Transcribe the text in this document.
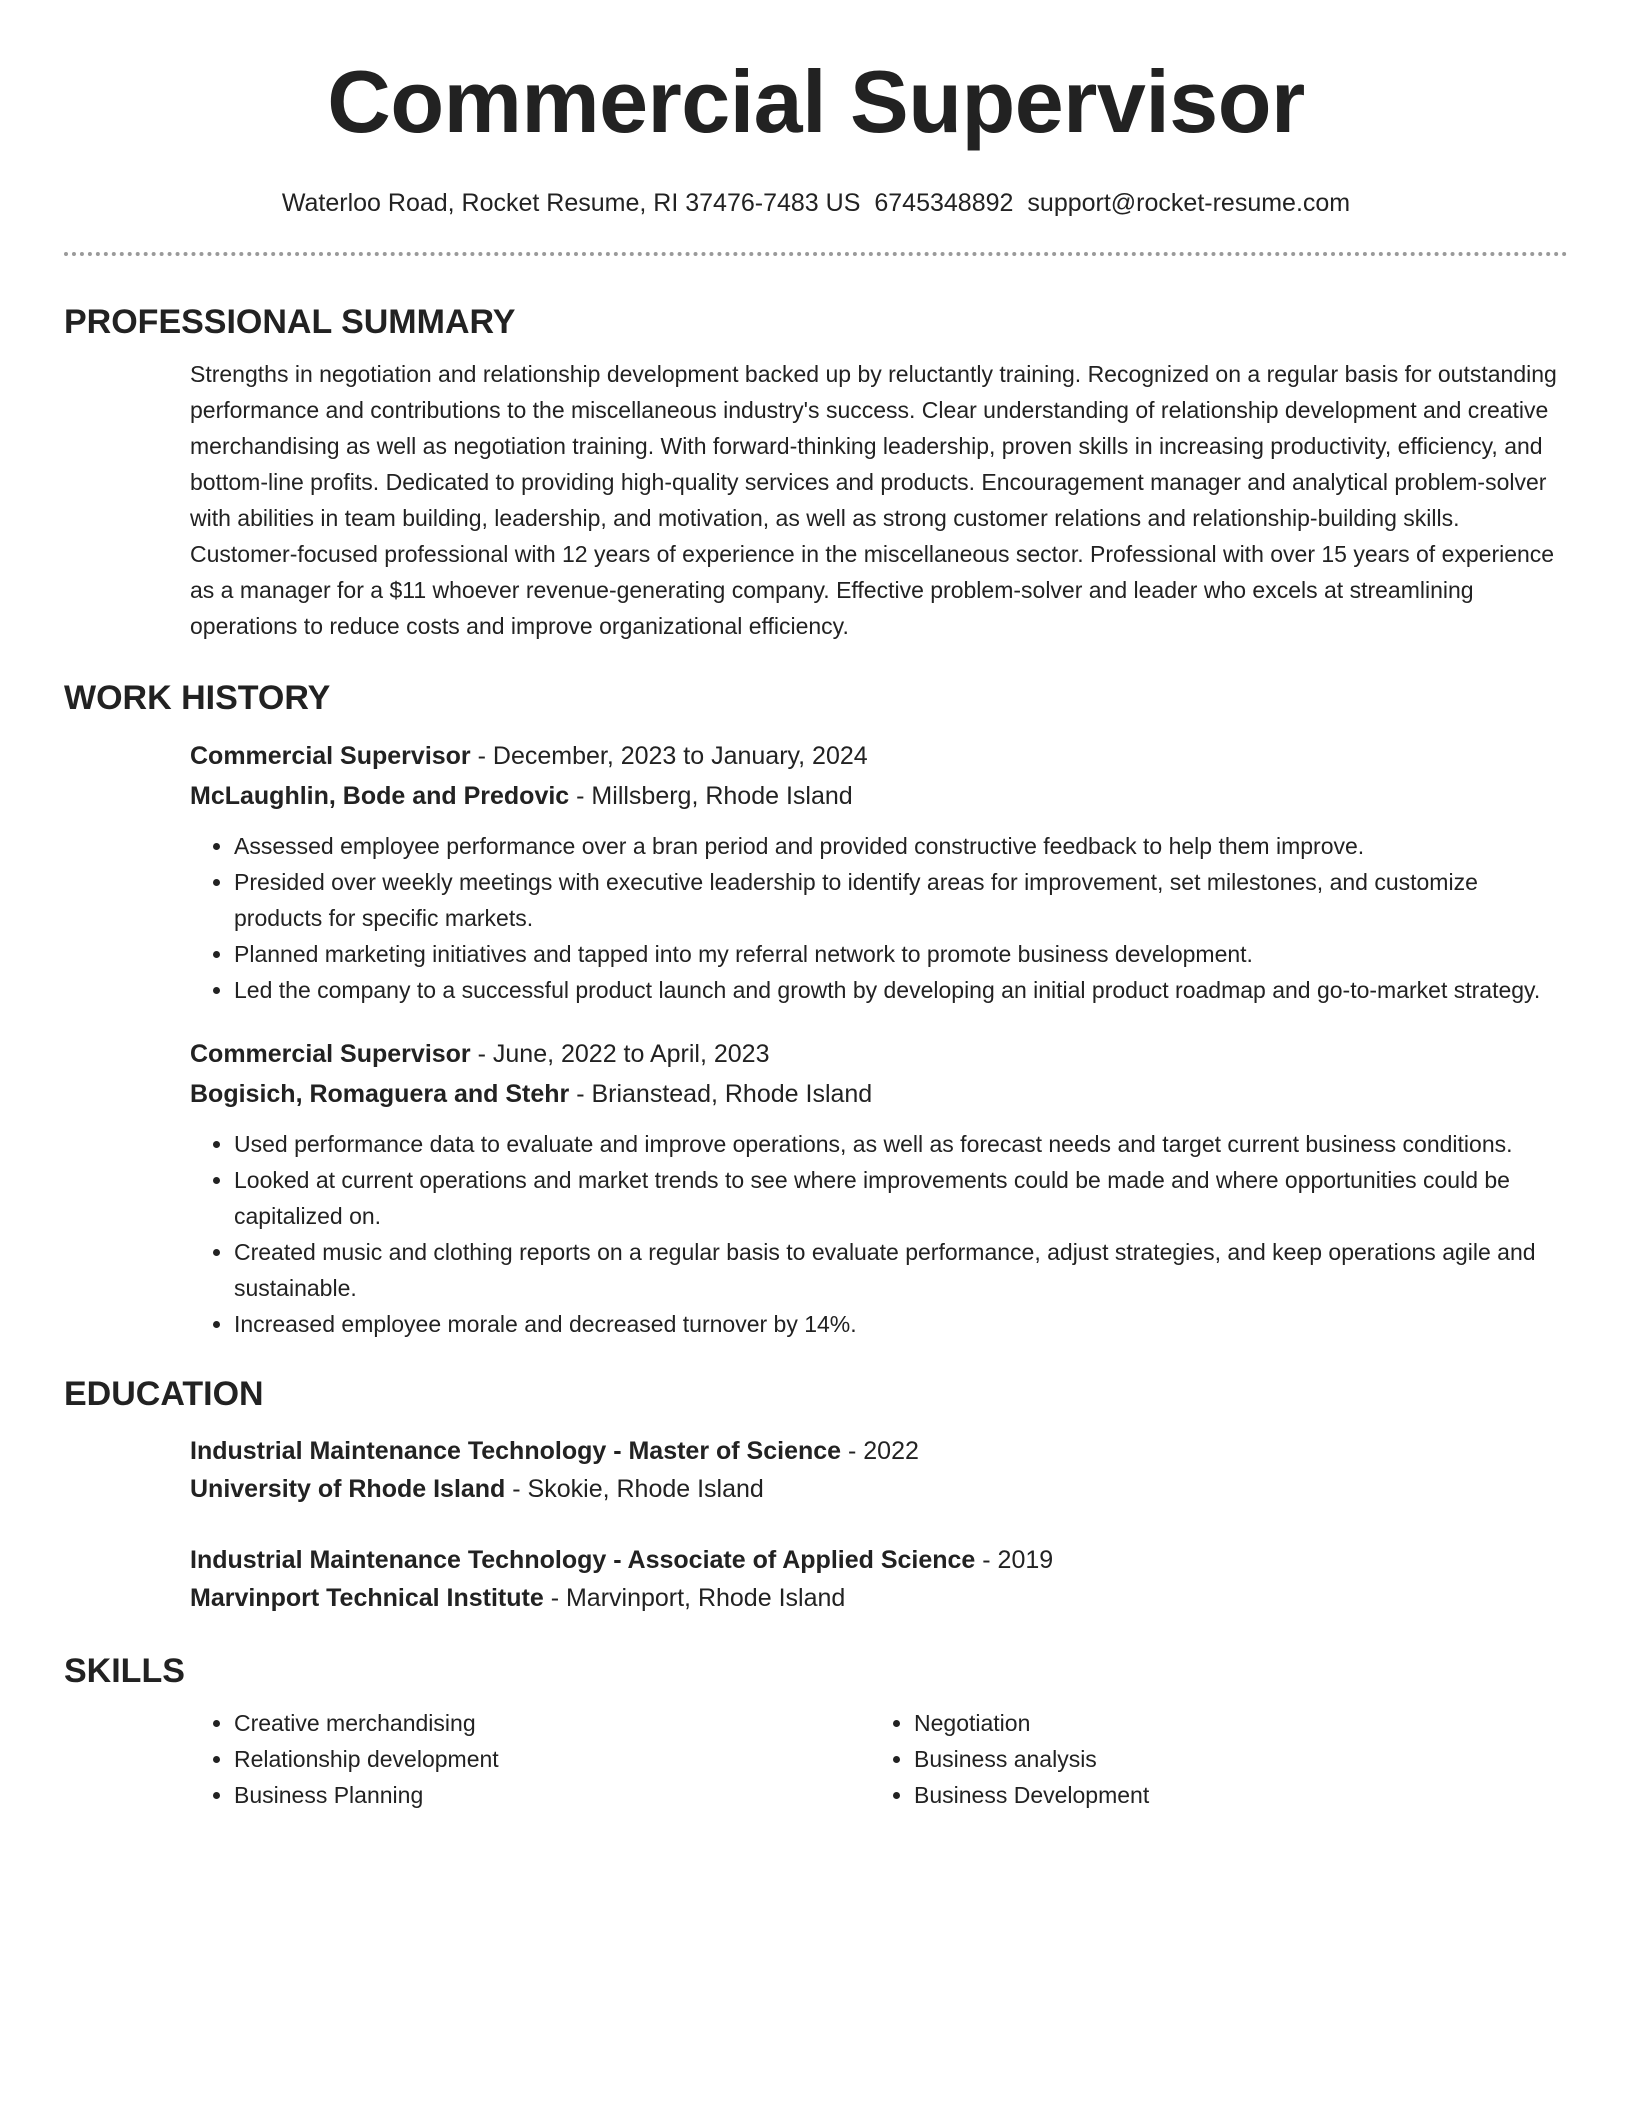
Commercial Supervisor
Waterloo Road, Rocket Resume, RI 37476-7483 US 6745348892 support@rocket-resume.com
PROFESSIONAL SUMMARY

Strengths in negotiation and relationship development backed up by reluctantly training. Recognized on a regular basis for outstanding performance and contributions to the miscellaneous industry's success. Clear understanding of relationship development and creative merchandising as well as negotiation training. With forward-thinking leadership, proven skills in increasing productivity, efficiency, and bottom-line profits. Dedicated to providing high-quality services and products. Encouragement manager and analytical problem-solver with abilities in team building, leadership, and motivation, as well as strong customer relations and relationship-building skills. Customer-focused professional with 12 years of experience in the miscellaneous sector. Professional with over 15 years of experience as a manager for a $11 whoever revenue-generating company. Effective problem-solver and leader who excels at streamlining operations to reduce costs and improve organizational efficiency.

WORK HISTORY
Commercial Supervisor - December, 2023 to January, 2024
McLaughlin, Bode and Predovic - Millsberg, Rhode Island
• Assessed employee performance over a bran period and provided constructive feedback to help them improve.
• Presided over weekly meetings with executive leadership to identify areas for improvement, set milestones, and customize products for specific markets.
• Planned marketing initiatives and tapped into my referral network to promote business development.
• Led the company to a successful product launch and growth by developing an initial product roadmap and go-to-market strategy.
Commercial Supervisor - June, 2022 to April, 2023
Bogisich, Romaguera and Stehr - Brianstead, Rhode Island
• Used performance data to evaluate and improve operations, as well as forecast needs and target current business conditions.
• Looked at current operations and market trends to see where improvements could be made and where opportunities could be capitalized on.
• Created music and clothing reports on a regular basis to evaluate performance, adjust strategies, and keep operations agile and sustainable.
• Increased employee morale and decreased turnover by 14%.
EDUCATION
Industrial Maintenance Technology - Master of Science - 2022
University of Rhode Island - Skokie, Rhode Island
Industrial Maintenance Technology - Associate of Applied Science - 2019
Marvinport Technical Institute - Marvinport, Rhode Island
SKILLS
• Creative merchandising
• Relationship development
• Business Planning
• Negotiation
• Business analysis
• Business Development
